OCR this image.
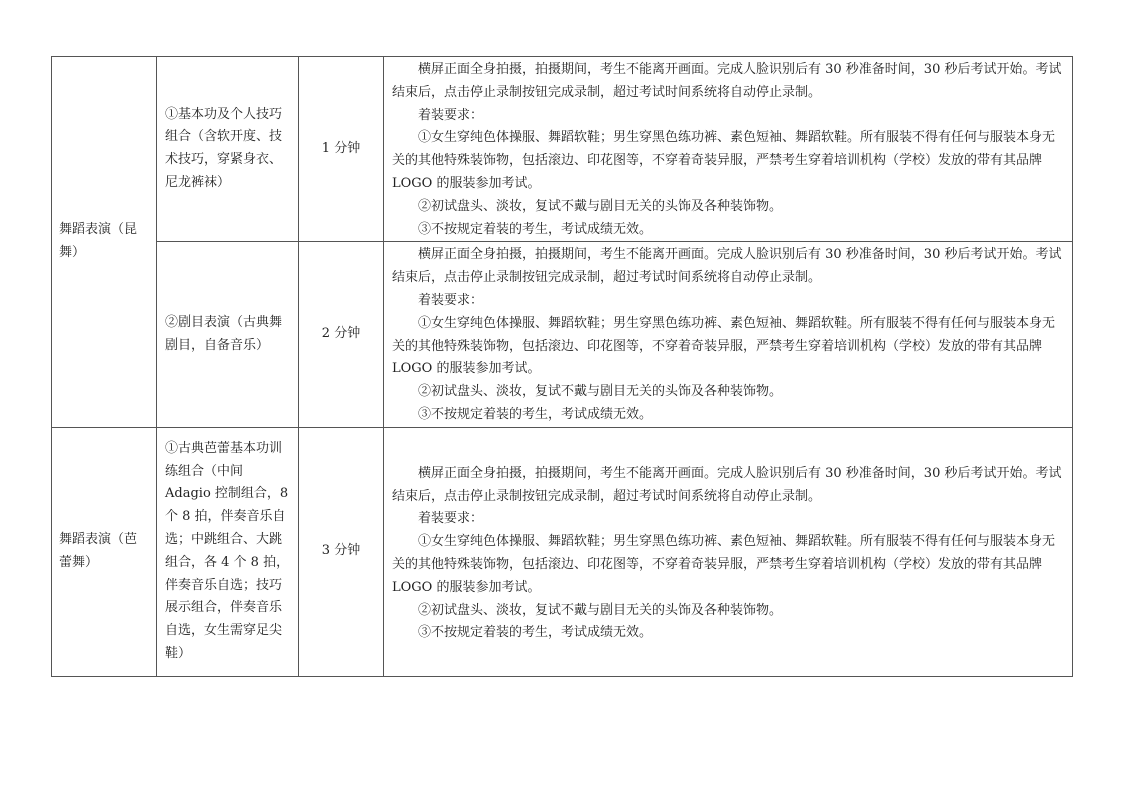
舞蹈表演（昆舞）	①基本功及个人技巧组合（含软开度、技术技巧，穿紧身衣、尼龙裤袜）	1 分钟	横屏正面全身拍摄，拍摄期间，考生不能离开画面。完成人脸识别后有 30 秒准备时间，30 秒后考试开始。考试结束后，点击停止录制按钮完成录制，超过考试时间系统将自动停止录制。

着装要求：

①女生穿纯色体操服、舞蹈软鞋；男生穿黑色练功裤、素色短袖、舞蹈软鞋。所有服装不得有任何与服装本身无关的其他特殊装饰物，包括滚边、印花图等，不穿着奇装异服，严禁考生穿着培训机构（学校）发放的带有其品牌 LOGO 的服装参加考试。

②初试盘头、淡妆，复试不戴与剧目无关的头饰及各种装饰物。

③不按规定着装的考生，考试成绩无效。

	②剧目表演（古典舞剧目，自备音乐）	2 分钟	横屏正面全身拍摄，拍摄期间，考生不能离开画面。完成人脸识别后有 30 秒准备时间，30 秒后考试开始。考试结束后，点击停止录制按钮完成录制，超过考试时间系统将自动停止录制。

着装要求：

①女生穿纯色体操服、舞蹈软鞋；男生穿黑色练功裤、素色短袖、舞蹈软鞋。所有服装不得有任何与服装本身无关的其他特殊装饰物，包括滚边、印花图等，不穿着奇装异服，严禁考生穿着培训机构（学校）发放的带有其品牌 LOGO 的服装参加考试。

②初试盘头、淡妆，复试不戴与剧目无关的头饰及各种装饰物。

③不按规定着装的考生，考试成绩无效。

舞蹈表演（芭蕾舞）	①古典芭蕾基本功训练组合（中间 Adagio 控制组合，8 个 8 拍，伴奏音乐自选；中跳组合、大跳组合，各 4 个 8 拍，伴奏音乐自选；技巧展示组合，伴奏音乐自选，女生需穿足尖鞋）	3 分钟	横屏正面全身拍摄，拍摄期间，考生不能离开画面。完成人脸识别后有 30 秒准备时间，30 秒后考试开始。考试结束后，点击停止录制按钮完成录制，超过考试时间系统将自动停止录制。

着装要求：

①女生穿纯色体操服、舞蹈软鞋；男生穿黑色练功裤、素色短袖、舞蹈软鞋。所有服装不得有任何与服装本身无关的其他特殊装饰物，包括滚边、印花图等，不穿着奇装异服，严禁考生穿着培训机构（学校）发放的带有其品牌 LOGO 的服装参加考试。

②初试盘头、淡妆，复试不戴与剧目无关的头饰及各种装饰物。

③不按规定着装的考生，考试成绩无效。
